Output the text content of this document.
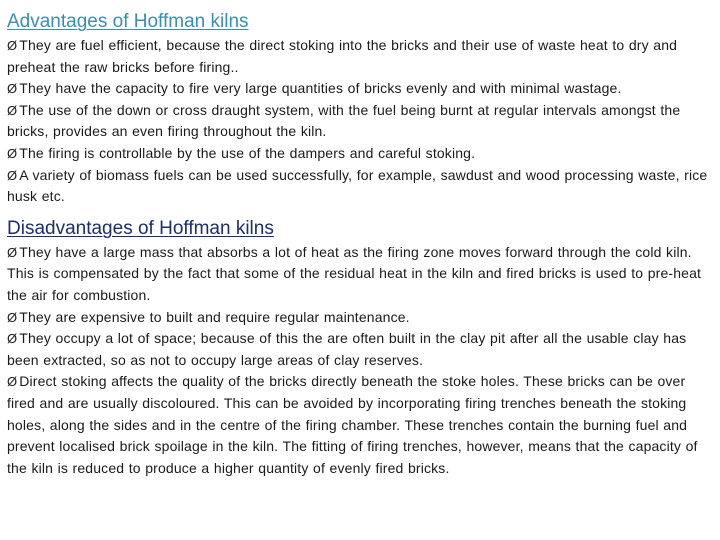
Advantages of Hoffman kilns
Ø They are fuel efficient, because the direct stoking into the bricks and their use of waste heat to dry and preheat the raw bricks before firing..
Ø They have the capacity to fire very large quantities of bricks evenly and with minimal wastage.
Ø The use of the down or cross draught system, with the fuel being burnt at regular intervals amongst the bricks, provides an even firing throughout the kiln.
Ø The firing is controllable by the use of the dampers and careful stoking.
Ø A variety of biomass fuels can be used successfully, for example, sawdust and wood processing waste, rice husk etc.
Disadvantages of Hoffman kilns
Ø They have a large mass that absorbs a lot of heat as the firing zone moves forward through the cold kiln. This is compensated by the fact that some of the residual heat in the kiln and fired bricks is used to pre-heat the air for combustion.
Ø They are expensive to built and require regular maintenance.
Ø They occupy a lot of space; because of this the are often built in the clay pit after all the usable clay has been extracted, so as not to occupy large areas of clay reserves.
Ø Direct stoking affects the quality of the bricks directly beneath the stoke holes. These bricks can be over fired and are usually discoloured. This can be avoided by incorporating firing trenches beneath the stoking holes, along the sides and in the centre of the firing chamber. These trenches contain the burning fuel and prevent localised brick spoilage in the kiln. The fitting of firing trenches, however, means that the capacity of the kiln is reduced to produce a higher quantity of evenly fired bricks.
